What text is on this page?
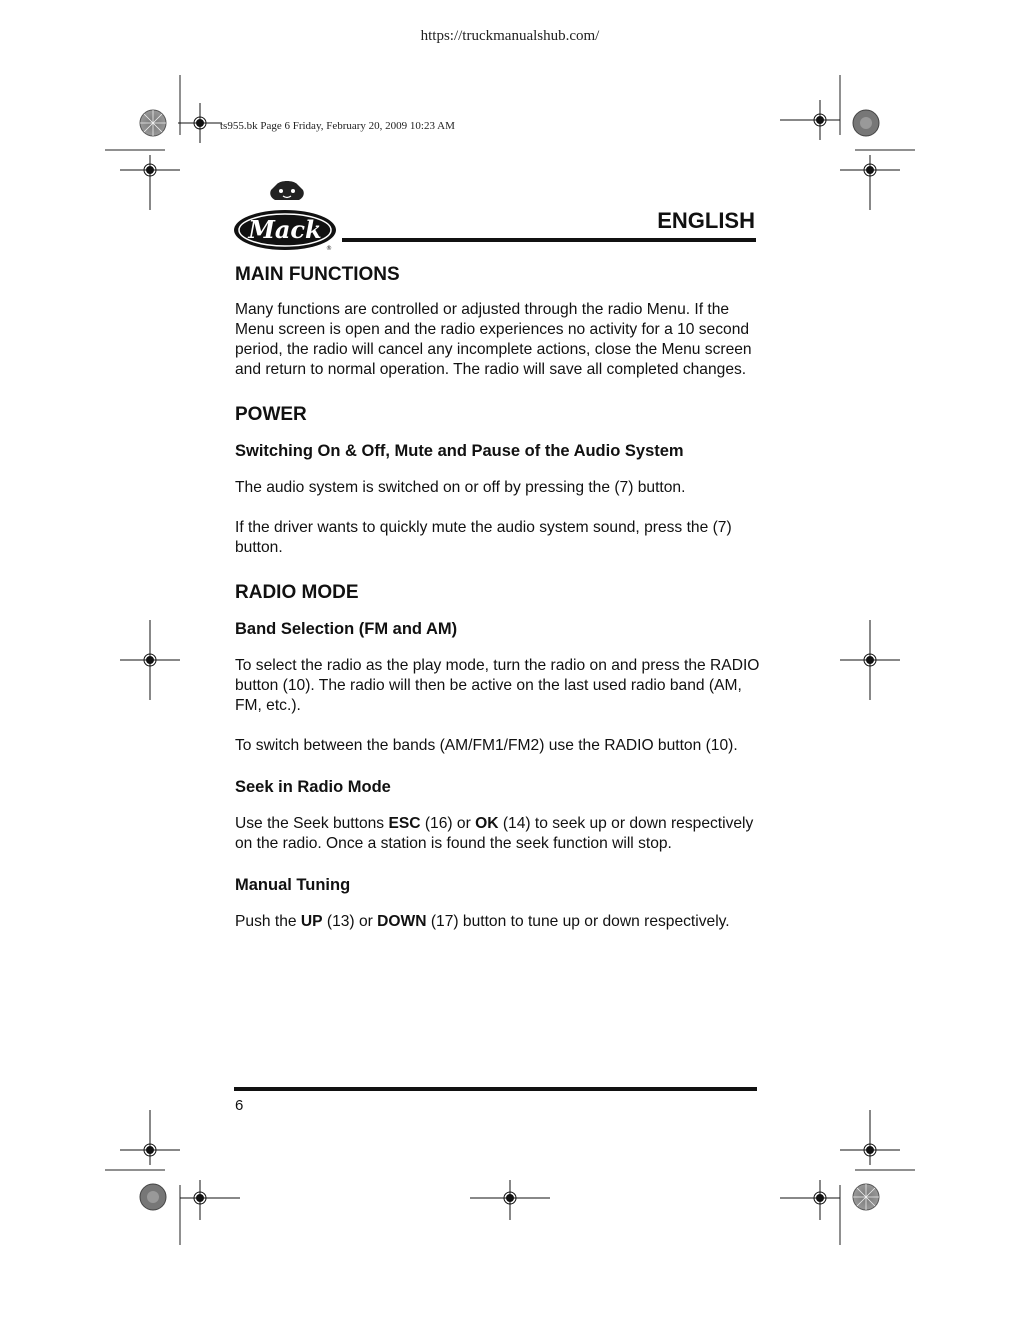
https://truckmanualshub.com/
ts955.bk Page 6 Friday, February 20, 2009 10:23 AM
Mack
®
ENGLISH
MAIN FUNCTIONS
Many functions are controlled or adjusted through the radio Menu. If the Menu screen is open and the radio experiences no activity for a 10 second period, the radio will cancel any incomplete actions, close the Menu screen and return to normal operation. The radio will save all completed changes.
POWER
Switching On & Off, Mute and Pause of the Audio System
The audio system is switched on or off by pressing the (7) button.
If the driver wants to quickly mute the audio system sound, press the (7) button.
RADIO MODE
Band Selection (FM and AM)
To select the radio as the play mode, turn the radio on and press the RADIO button (10). The radio will then be active on the last used radio band (AM, FM, etc.).
To switch between the bands (AM/FM1/FM2) use the RADIO button (10).
Seek in Radio Mode
Use the Seek buttons ESC (16) or OK (14) to seek up or down respectively on the radio. Once a station is found the seek function will stop.
Manual Tuning
Push the UP (13) or DOWN (17) button to tune up or down respectively.
6
